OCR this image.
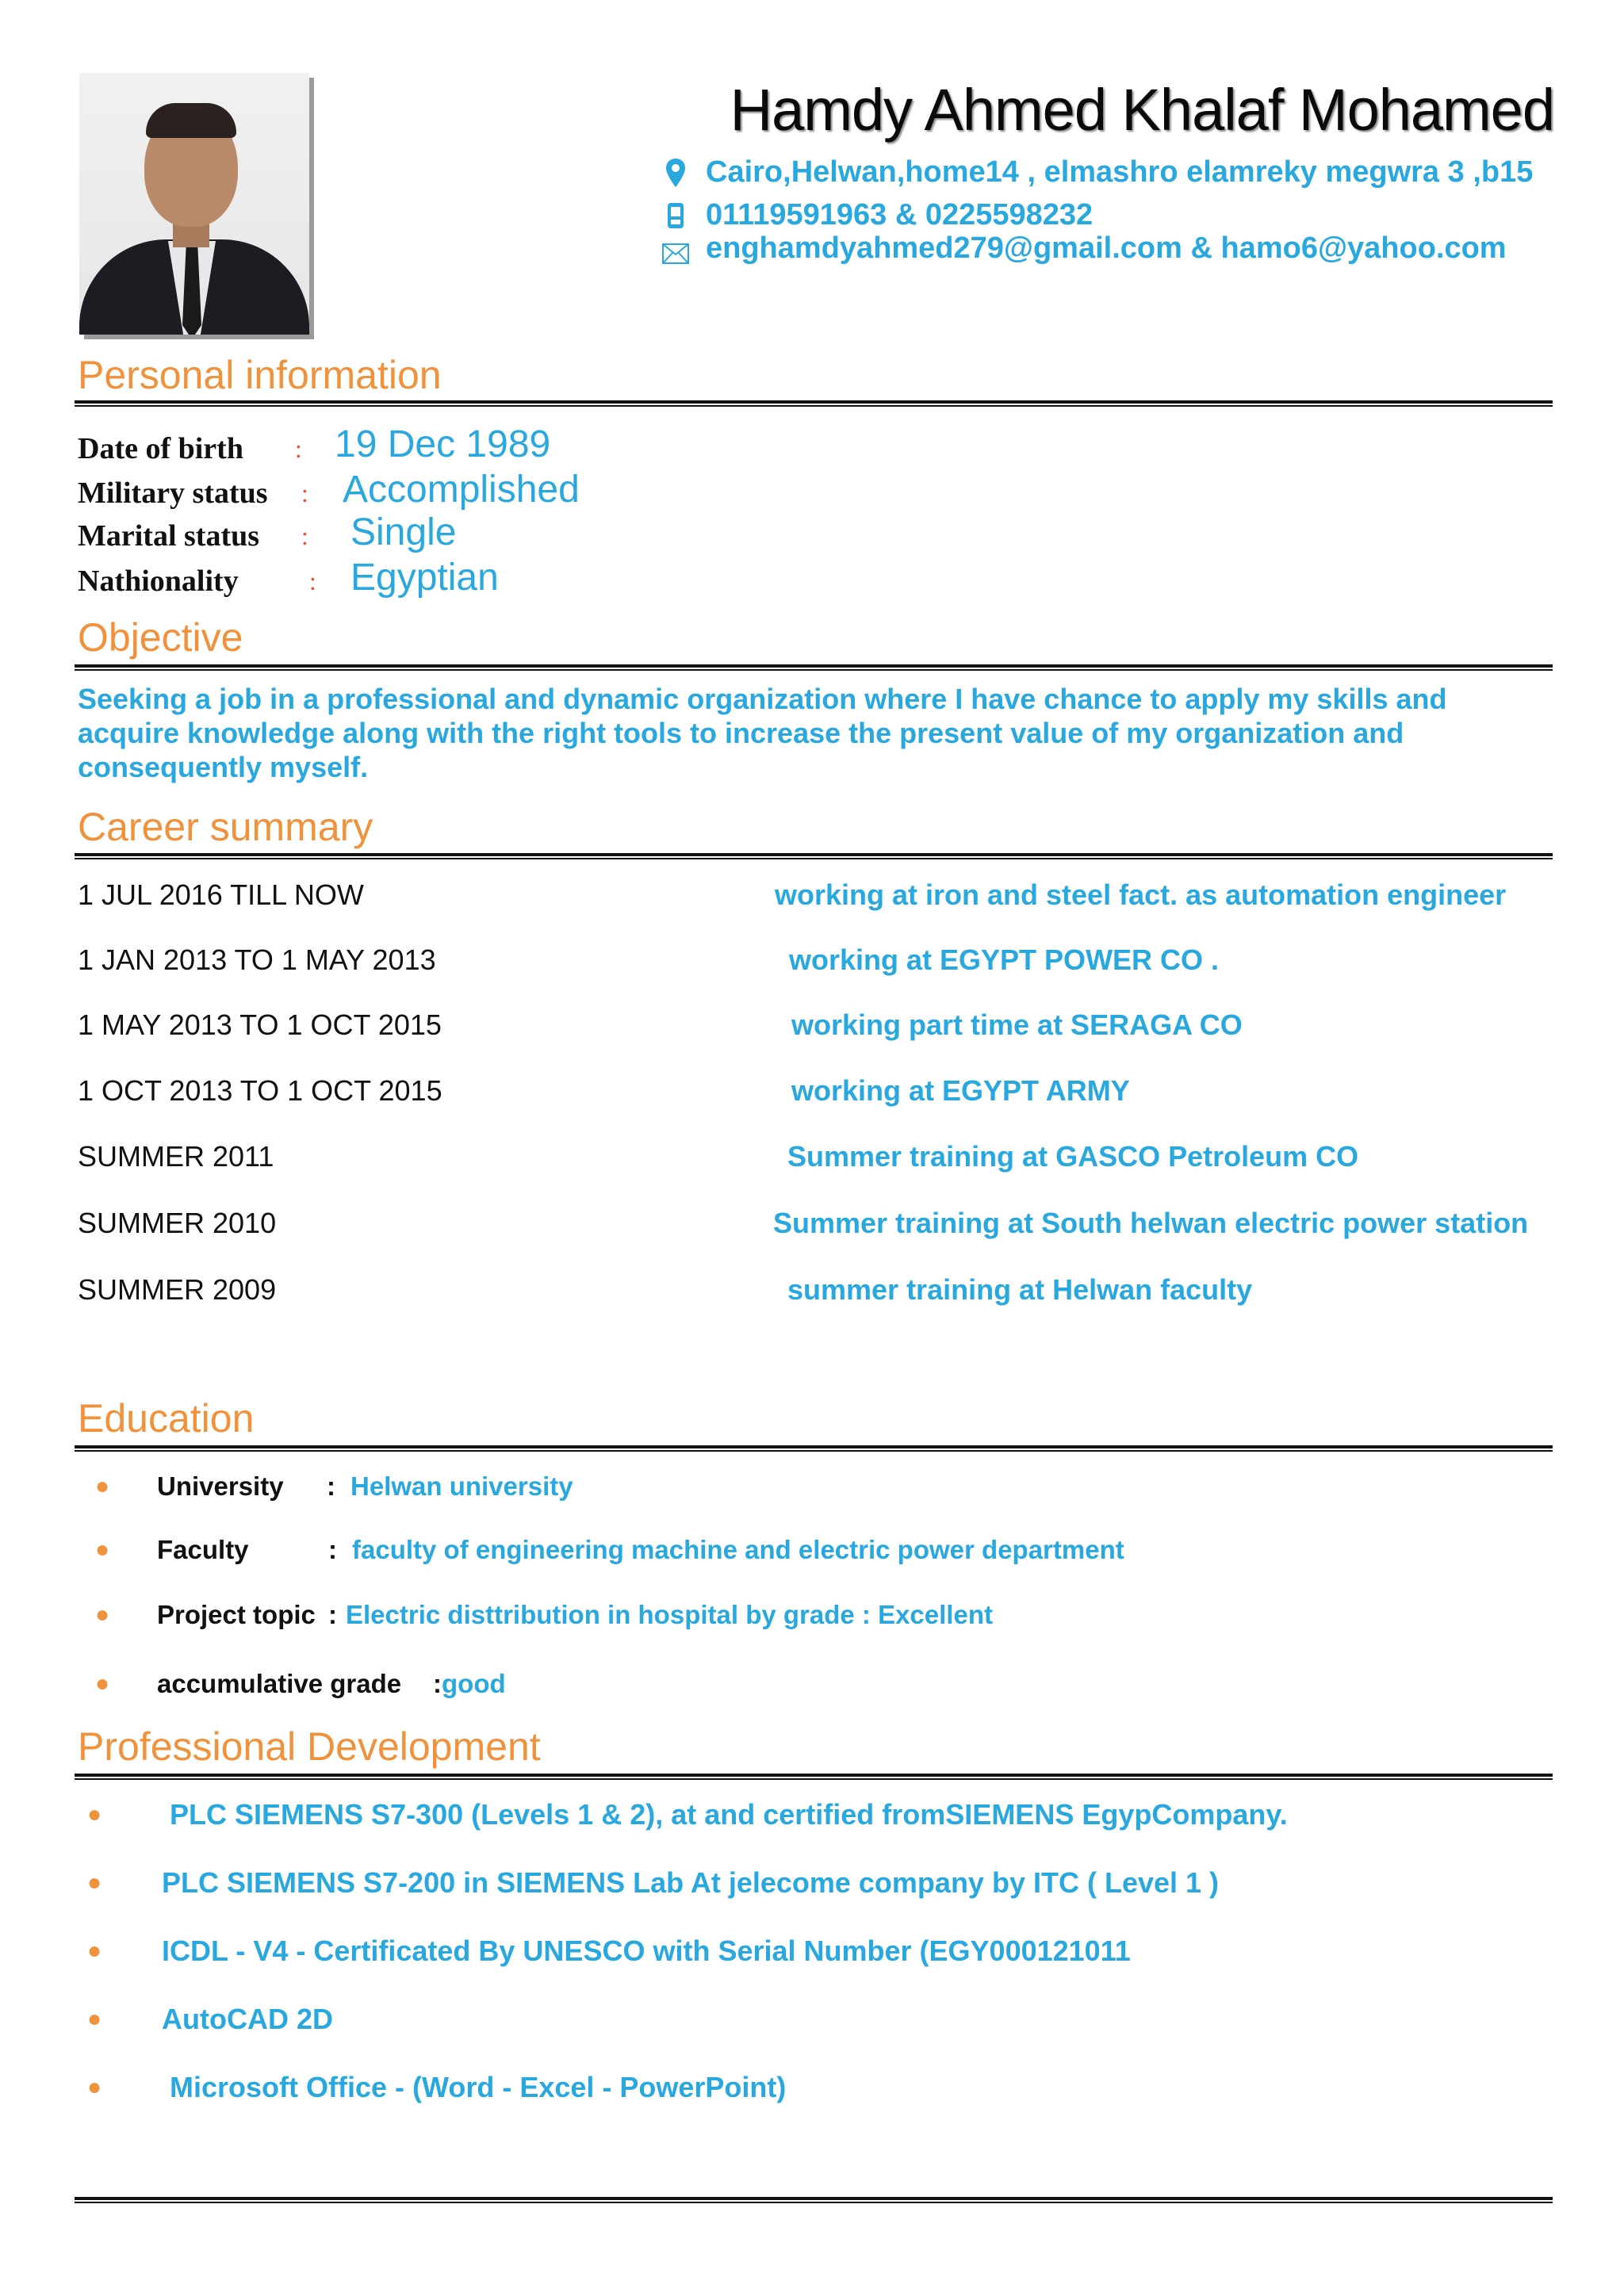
Hamdy Ahmed Khalaf Mohamed
Cairo,Helwan,home14 , elmashro elamreky megwra 3 ,b15
01119591963 & 0225598232
enghamdyahmed279@gmail.com & hamo6@yahoo.com
Personal information
Date of birth : 19 Dec 1989
Military status : Accomplished
Marital status : Single
Nathionality	: Egyptian
Objective
Seeking a job in a professional and dynamic organization where I have chance to apply my skills and acquire knowledge along with the right tools to increase the present value of my organization and consequently myself.
Career summary
1 JUL 2016 TILL NOW	working at iron and steel fact. as automation engineer
1 JAN 2013 TO 1 MAY 2013	working at EGYPT POWER CO .
1 MAY 2013 TO 1 OCT 2015	working part time at SERAGA CO
1 OCT 2013 TO 1 OCT 2015	working at EGYPT ARMY
SUMMER 2011	Summer training at GASCO Petroleum CO
SUMMER 2010	Summer training at South helwan electric power station
SUMMER 2009	summer training at Helwan faculty
Education
● University : Helwan university
● Faculty	: faculty of engineering machine and electric power department
● Project topic : Electric disttribution in hospital by grade : Excellent
● accumulative grade : good
Professional Development
● PLC SIEMENS S7-300 (Levels 1 & 2), at and certified fromSIEMENS EgypCompany.
● PLC SIEMENS S7-200 in SIEMENS Lab At jelecome company by ITC ( Level 1 )
● ICDL - V4 - Certificated By UNESCO with Serial Number (EGY000121011
● AutoCAD 2D
● Microsoft Office - (Word - Excel - PowerPoint)
